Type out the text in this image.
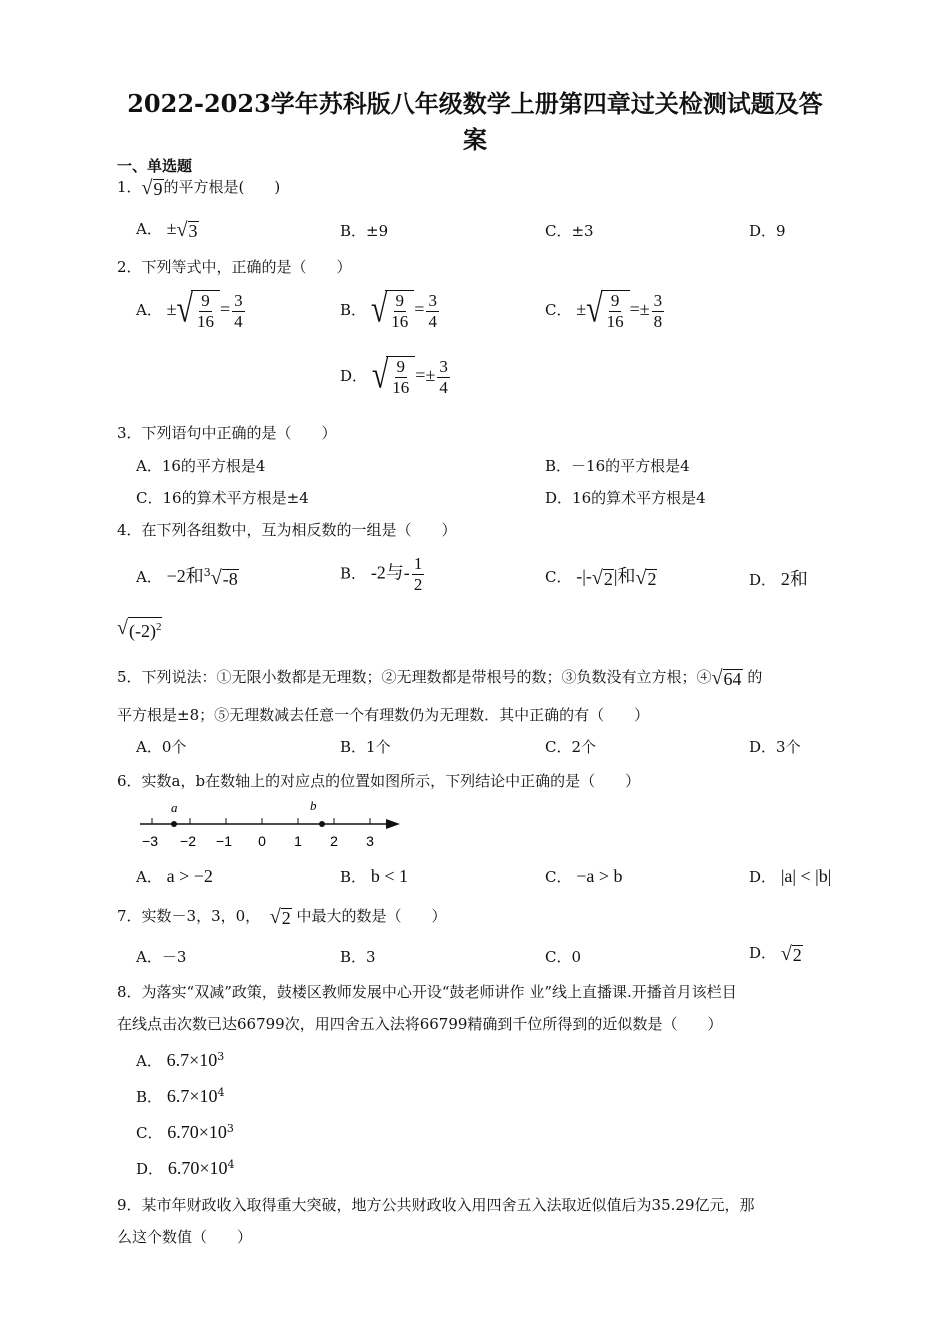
2022-2023学年苏科版八年级数学上册第四章过关检测试题及答
案
一、单选题
1． √ 9 的平方根是(　　)
A． ± √ 3	B．±9	C．±3	D．9
2．下列等式中，正确的是（　　）
A． ± √ $\frac{9}{16} = \frac{3}{4}$	B． √ $\frac{9}{16} = \frac{3}{4}$	C． ± √ $\frac{9}{16} =\pm \frac{3}{8}$
D． √ $\frac{9}{16} =\pm \frac{3}{4}$
3．下列语句中正确的是（　　）
A．16的平方根是4	B．－16的平方根是4
C．16的算术平方根是±4	D．16的算术平方根是4
4．在下列各组数中，互为相反数的一组是（　　）
A． −2和$^3$ √ -8	B． -2与- $\frac{1}{2}$	C． -|- √ 2 |和 √ 2	D． 2和
√ $(-2)^2$
5．下列说法：①无限小数都是无理数；②无理数都是带根号的数；③负数没有立方根；④ √ 64 的
平方根是±8；⑤无理数减去任意一个有理数仍为无理数．其中正确的有（　　）
A．0个	B．1个	C．2个	D．3个
6．实数a，b在数轴上的对应点的位置如图所示，下列结论中正确的是（　　）
−3 −2 −1 0 1 2 3
a	b
A． a > −2	B． b < 1	C． −a > b	D． |a| < |b|
7．实数－3，3，0， √ 2 中最大的数是（　　）
A．－3	B．3	C．0	D． √ 2
8．为落实“双减”政策，鼓楼区教师发展中心开设“鼓老师讲作 业”线上直播课.开播首月该栏目
在线点击次数已达66799次，用四舍五入法将66799精确到千位所得到的近似数是（　　）
A． $6.7\times 10^3$
B． $6.7\times 10^4$
C． $6.70\times 10^3$
D． $6.70\times 10^4$
9．某市年财政收入取得重大突破，地方公共财政收入用四舍五入法取近似值后为35.29亿元，那
么这个数值（　　）
